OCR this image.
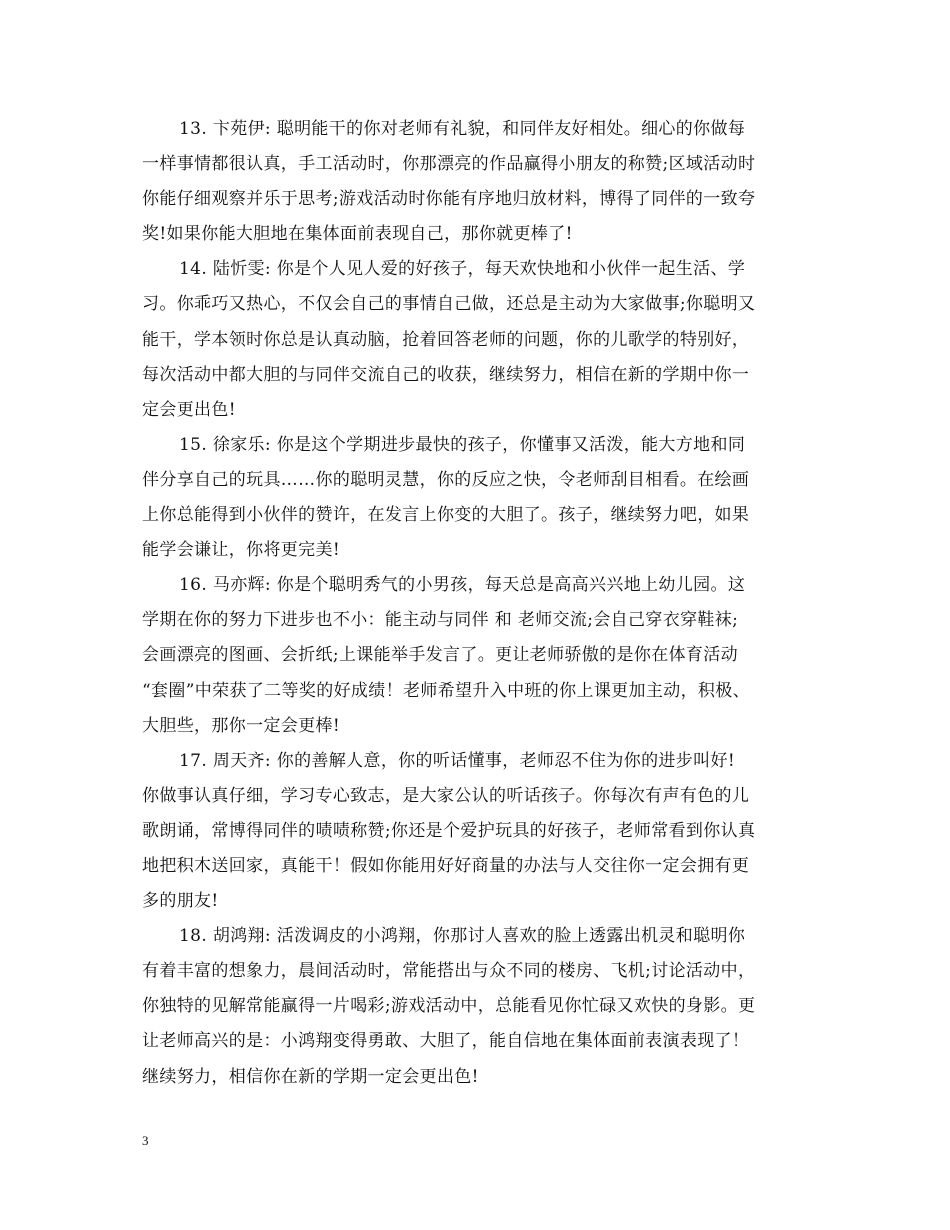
13. 卞苑伊: 聪明能干的你对老师有礼貌，和同伴友好相处。细心的你做每
一样事情都很认真，手工活动时，你那漂亮的作品赢得小朋友的称赞;区域活动时
你能仔细观察并乐于思考;游戏活动时你能有序地归放材料，博得了同伴的一致夸
奖!如果你能大胆地在集体面前表现自己，那你就更棒了!
14. 陆忻雯: 你是个人见人爱的好孩子，每天欢快地和小伙伴一起生活、学
习。你乖巧又热心，不仅会自己的事情自己做，还总是主动为大家做事;你聪明又
能干，学本领时你总是认真动脑，抢着回答老师的问题，你的儿歌学的特别好，
每次活动中都大胆的与同伴交流自己的收获，继续努力，相信在新的学期中你一
定会更出色!
15. 徐家乐: 你是这个学期进步最快的孩子，你懂事又活泼，能大方地和同
伴分享自己的玩具……你的聪明灵慧，你的反应之快，令老师刮目相看。在绘画
上你总能得到小伙伴的赞许，在发言上你变的大胆了。孩子，继续努力吧，如果
能学会谦让，你将更完美!
16. 马亦辉: 你是个聪明秀气的小男孩，每天总是高高兴兴地上幼儿园。这
学期在你的努力下进步也不小：能主动与同伴 和 老师交流;会自己穿衣穿鞋袜;
会画漂亮的图画、会折纸;上课能举手发言了。更让老师骄傲的是你在体育活动
“套圈”中荣获了二等奖的好成绩！老师希望升入中班的你上课更加主动，积极、
大胆些，那你一定会更棒!
17. 周天齐: 你的善解人意，你的听话懂事，老师忍不住为你的进步叫好!
你做事认真仔细，学习专心致志，是大家公认的听话孩子。你每次有声有色的儿
歌朗诵，常博得同伴的啧啧称赞;你还是个爱护玩具的好孩子，老师常看到你认真
地把积木送回家，真能干！假如你能用好好商量的办法与人交往你一定会拥有更
多的朋友!
18. 胡鸿翔: 活泼调皮的小鸿翔，你那讨人喜欢的脸上透露出机灵和聪明你
有着丰富的想象力，晨间活动时，常能搭出与众不同的楼房、飞机;讨论活动中，
你独特的见解常能赢得一片喝彩;游戏活动中，总能看见你忙碌又欢快的身影。更
让老师高兴的是：小鸿翔变得勇敢、大胆了，能自信地在集体面前表演表现了！
继续努力，相信你在新的学期一定会更出色!
3
